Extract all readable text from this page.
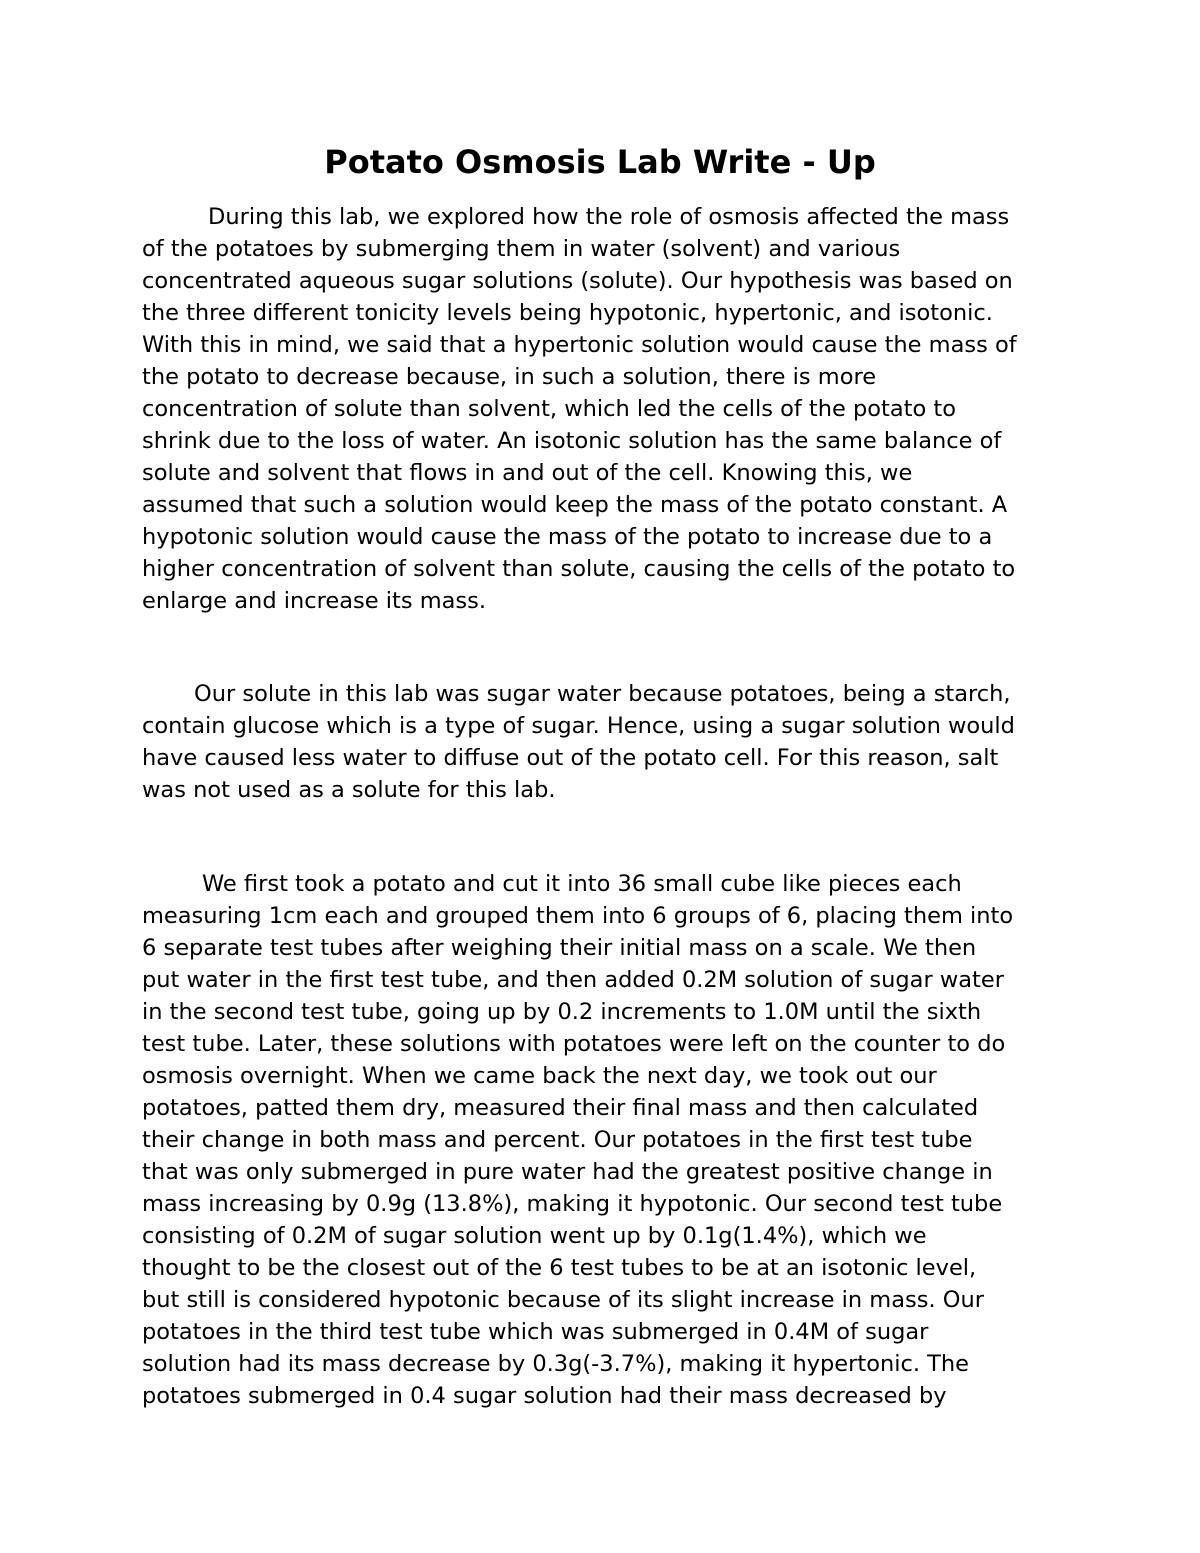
Potato Osmosis Lab Write - Up

During this lab, we explored how the role of osmosis affected the mass

of the potatoes by submerging them in water (solvent) and various

concentrated aqueous sugar solutions (solute). Our hypothesis was based on

the three different tonicity levels being hypotonic, hypertonic, and isotonic.

With this in mind, we said that a hypertonic solution would cause the mass of

the potato to decrease because, in such a solution, there is more

concentration of solute than solvent, which led the cells of the potato to

shrink due to the loss of water. An isotonic solution has the same balance of

solute and solvent that flows in and out of the cell. Knowing this, we

assumed that such a solution would keep the mass of the potato constant. A

hypotonic solution would cause the mass of the potato to increase due to a

higher concentration of solvent than solute, causing the cells of the potato to

enlarge and increase its mass.

Our solute in this lab was sugar water because potatoes, being a starch,

contain glucose which is a type of sugar. Hence, using a sugar solution would

have caused less water to diffuse out of the potato cell. For this reason, salt

was not used as a solute for this lab.

We first took a potato and cut it into 36 small cube like pieces each

measuring 1cm each and grouped them into 6 groups of 6, placing them into

6 separate test tubes after weighing their initial mass on a scale. We then

put water in the first test tube, and then added 0.2M solution of sugar water

in the second test tube, going up by 0.2 increments to 1.0M until the sixth

test tube. Later, these solutions with potatoes were left on the counter to do

osmosis overnight. When we came back the next day, we took out our

potatoes, patted them dry, measured their final mass and then calculated

their change in both mass and percent. Our potatoes in the first test tube

that was only submerged in pure water had the greatest positive change in

mass increasing by 0.9g (13.8%), making it hypotonic. Our second test tube

consisting of 0.2M of sugar solution went up by 0.1g(1.4%), which we

thought to be the closest out of the 6 test tubes to be at an isotonic level,

but still is considered hypotonic because of its slight increase in mass. Our

potatoes in the third test tube which was submerged in 0.4M of sugar

solution had its mass decrease by 0.3g(-3.7%), making it hypertonic. The

potatoes submerged in 0.4 sugar solution had their mass decreased by
